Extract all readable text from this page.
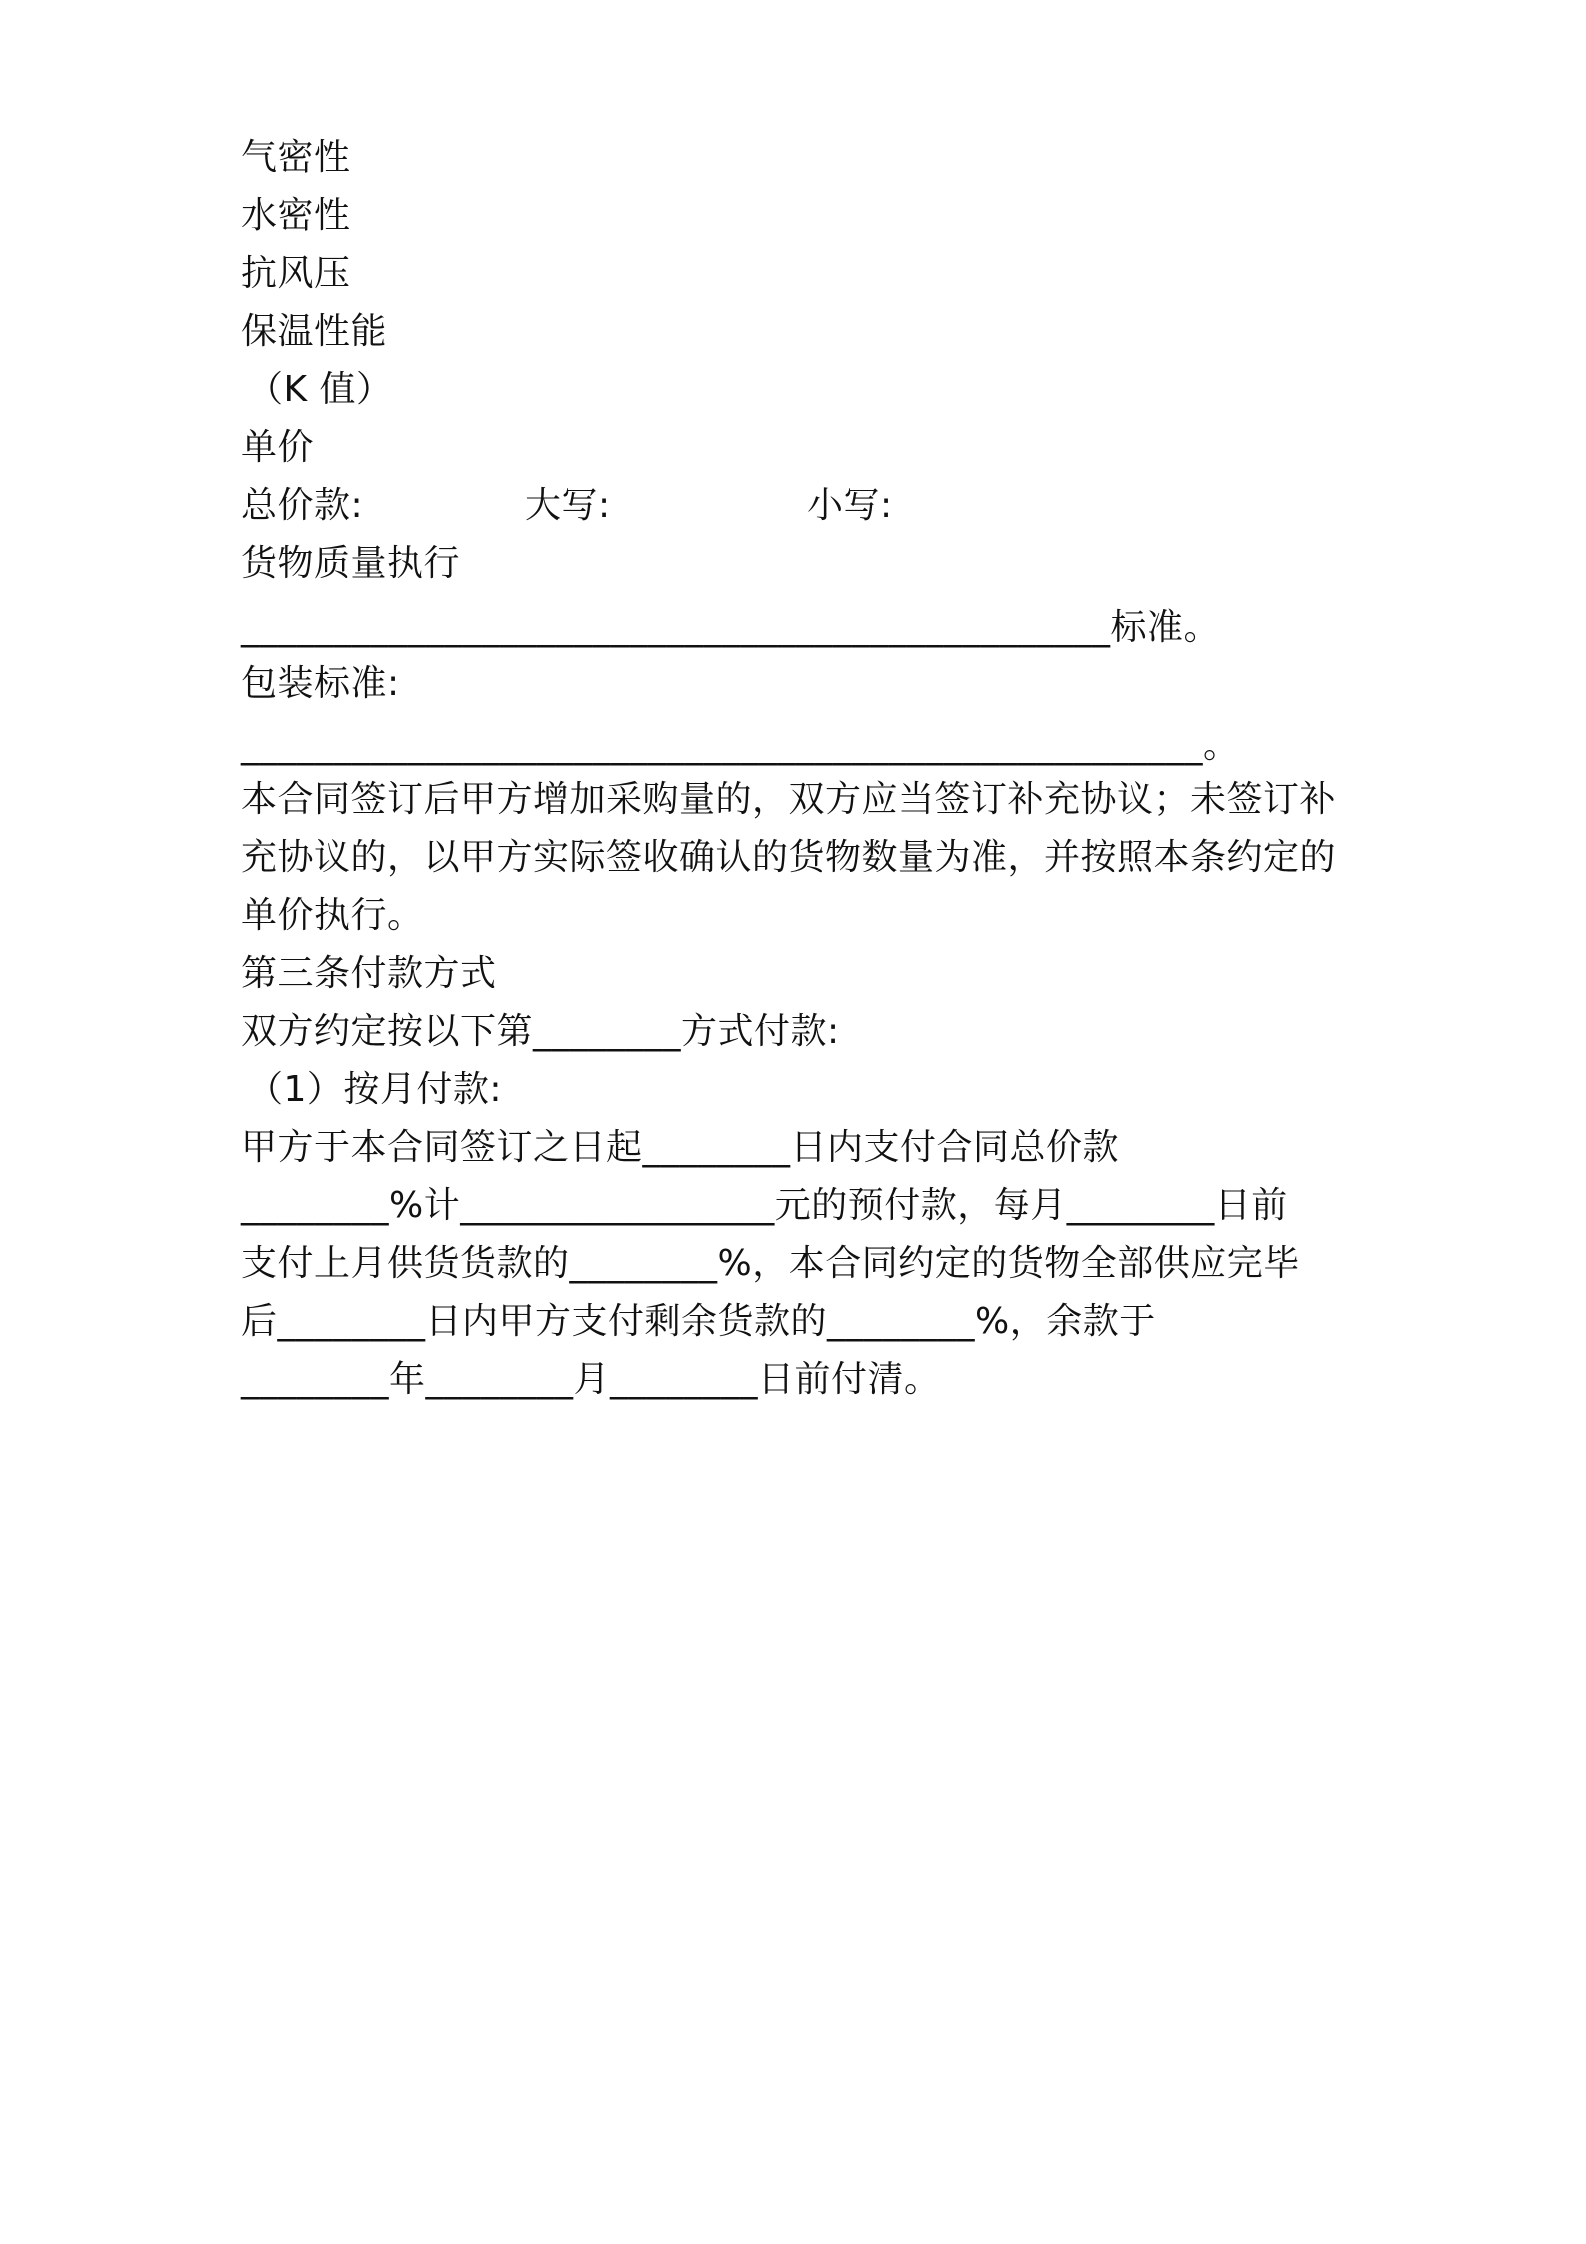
气密性
水密性
抗风压
保温性能
（K 值）
单价

总价款:

	大写:

	小写:

货物质量执行
_______________________________________________标准。
包装标准:
____________________________________________________。
本合同签订后甲方增加采购量的，双方应当签订补充协议；未签订补
充协议的，以甲方实际签收确认的货物数量为准，并按照本条约定的
单价执行。
第三条付款方式
双方约定按以下第________方式付款:
（1）按月付款:
甲方于本合同签订之日起________日内支付合同总价款
________%计_________________元的预付款，每月________日前
支付上月供货货款的________%，本合同约定的货物全部供应完毕
后________日内甲方支付剩余货款的________%，余款于
________年________月________日前付清。
